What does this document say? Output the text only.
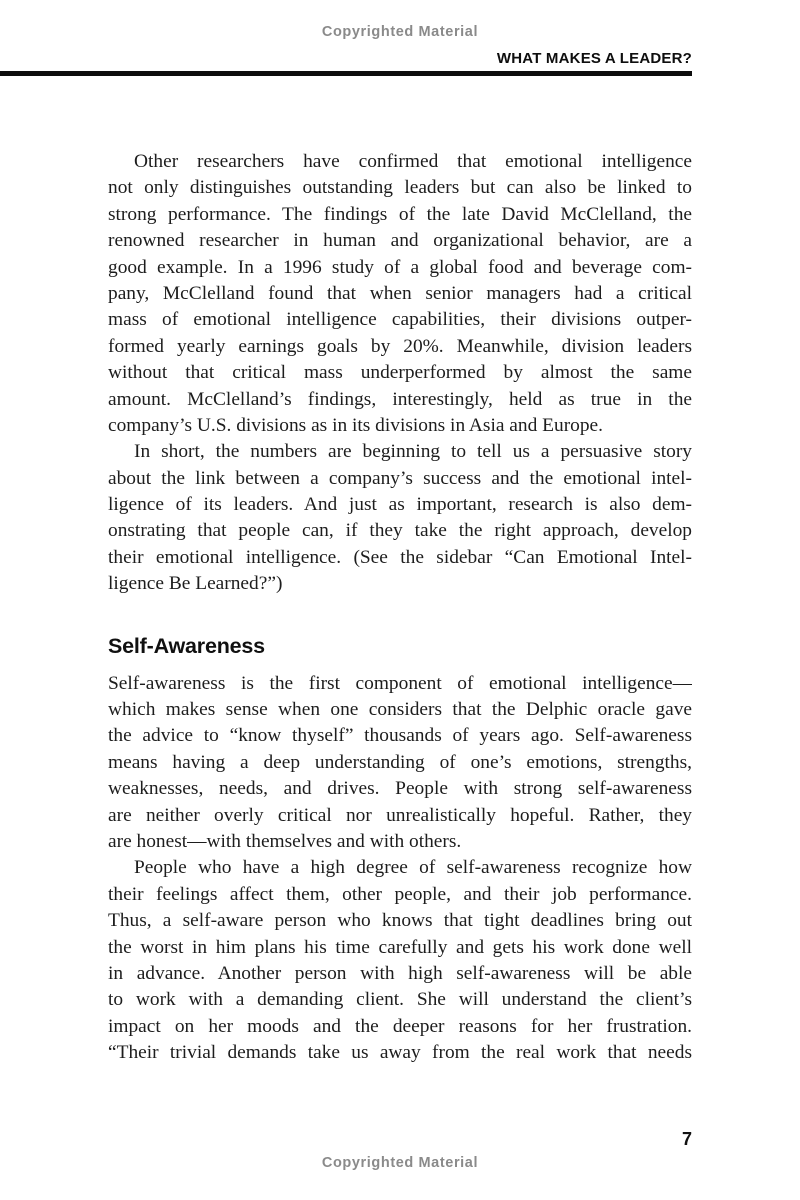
Copyrighted Material
WHAT MAKES A LEADER?
Other researchers have confirmed that emotional intelligence
not only distinguishes outstanding leaders but can also be linked to
strong performance. The findings of the late David McClelland, the
renowned researcher in human and organizational behavior, are a
good example. In a 1996 study of a global food and beverage com-
pany, McClelland found that when senior managers had a critical
mass of emotional intelligence capabilities, their divisions outper-
formed yearly earnings goals by 20%. Meanwhile, division leaders
without that critical mass underperformed by almost the same
amount. McClelland’s findings, interestingly, held as true in the
company’s U.S. divisions as in its divisions in Asia and Europe.
In short, the numbers are beginning to tell us a persuasive story
about the link between a company’s success and the emotional intel-
ligence of its leaders. And just as important, research is also dem-
onstrating that people can, if they take the right approach, develop
their emotional intelligence. (See the sidebar “Can Emotional Intel-
ligence Be Learned?”)
Self-Awareness
Self-awareness is the first component of emotional intelligence—
which makes sense when one considers that the Delphic oracle gave
the advice to “know thyself” thousands of years ago. Self-awareness
means having a deep understanding of one’s emotions, strengths,
weaknesses, needs, and drives. People with strong self-awareness
are neither overly critical nor unrealistically hopeful. Rather, they
are honest—with themselves and with others.
People who have a high degree of self-awareness recognize how
their feelings affect them, other people, and their job performance.
Thus, a self-aware person who knows that tight deadlines bring out
the worst in him plans his time carefully and gets his work done well
in advance. Another person with high self-awareness will be able
to work with a demanding client. She will understand the client’s
impact on her moods and the deeper reasons for her frustration.
“Their trivial demands take us away from the real work that needs
7
Copyrighted Material
